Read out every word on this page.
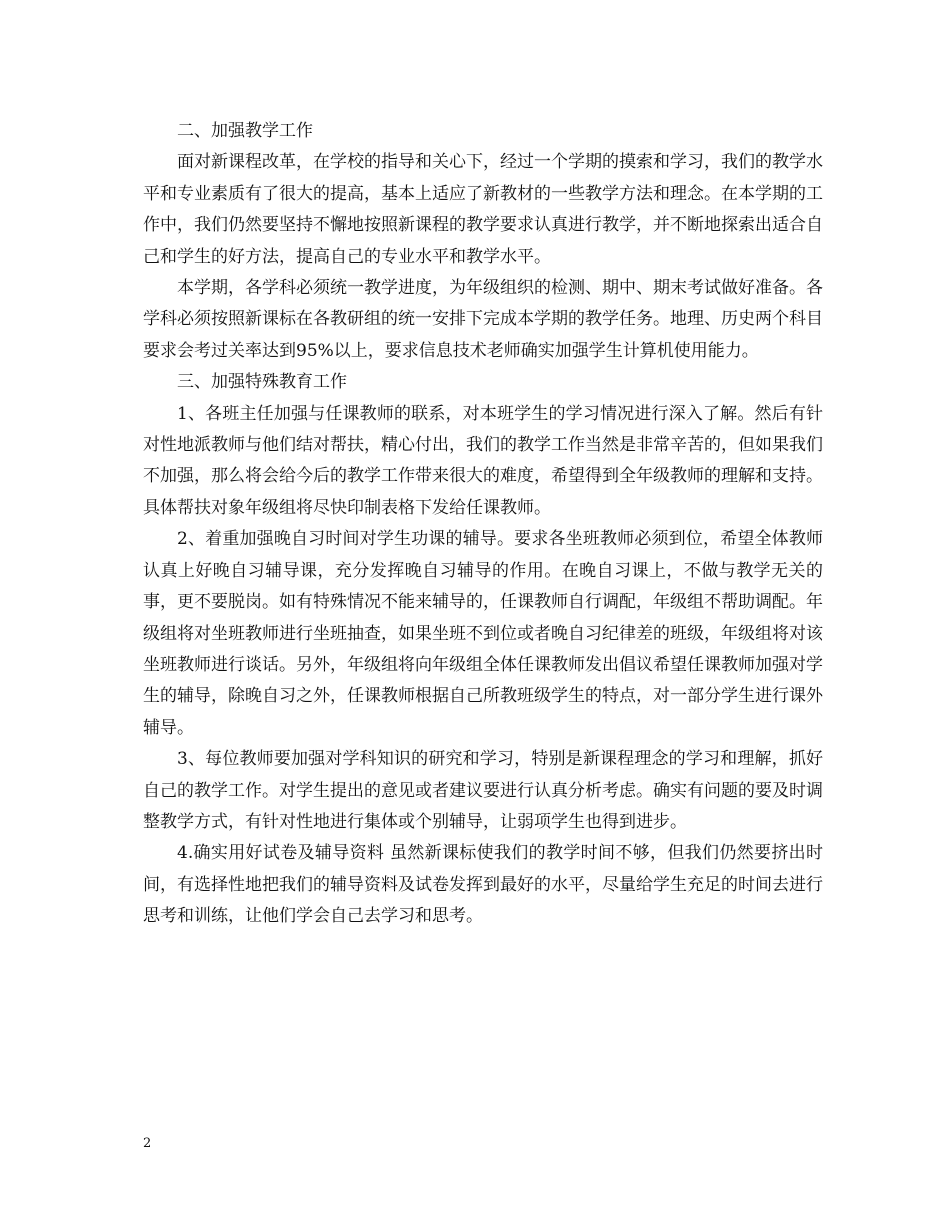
二、加强教学工作

面对新课程改革，在学校的指导和关心下，经过一个学期的摸索和学习，我们的教学水平和专业素质有了很大的提高，基本上适应了新教材的一些教学方法和理念。在本学期的工作中，我们仍然要坚持不懈地按照新课程的教学要求认真进行教学，并不断地探索出适合自己和学生的好方法，提高自己的专业水平和教学水平。

本学期，各学科必须统一教学进度，为年级组织的检测、期中、期末考试做好准备。各学科必须按照新课标在各教研组的统一安排下完成本学期的教学任务。地理、历史两个科目要求会考过关率达到95%以上，要求信息技术老师确实加强学生计算机使用能力。

三、加强特殊教育工作

1、各班主任加强与任课教师的联系，对本班学生的学习情况进行深入了解。然后有针对性地派教师与他们结对帮扶，精心付出，我们的教学工作当然是非常辛苦的，但如果我们不加强，那么将会给今后的教学工作带来很大的难度，希望得到全年级教师的理解和支持。具体帮扶对象年级组将尽快印制表格下发给任课教师。

2、着重加强晚自习时间对学生功课的辅导。要求各坐班教师必须到位，希望全体教师认真上好晚自习辅导课，充分发挥晚自习辅导的作用。在晚自习课上，不做与教学无关的事，更不要脱岗。如有特殊情况不能来辅导的，任课教师自行调配，年级组不帮助调配。年级组将对坐班教师进行坐班抽查，如果坐班不到位或者晚自习纪律差的班级，年级组将对该坐班教师进行谈话。另外，年级组将向年级组全体任课教师发出倡议希望任课教师加强对学生的辅导，除晚自习之外，任课教师根据自己所教班级学生的特点，对一部分学生进行课外辅导。

3、每位教师要加强对学科知识的研究和学习，特别是新课程理念的学习和理解，抓好自己的教学工作。对学生提出的意见或者建议要进行认真分析考虑。确实有问题的要及时调整教学方式，有针对性地进行集体或个别辅导，让弱项学生也得到进步。

4.确实用好试卷及辅导资料 虽然新课标使我们的教学时间不够，但我们仍然要挤出时间，有选择性地把我们的辅导资料及试卷发挥到最好的水平，尽量给学生充足的时间去进行思考和训练，让他们学会自己去学习和思考。

2
